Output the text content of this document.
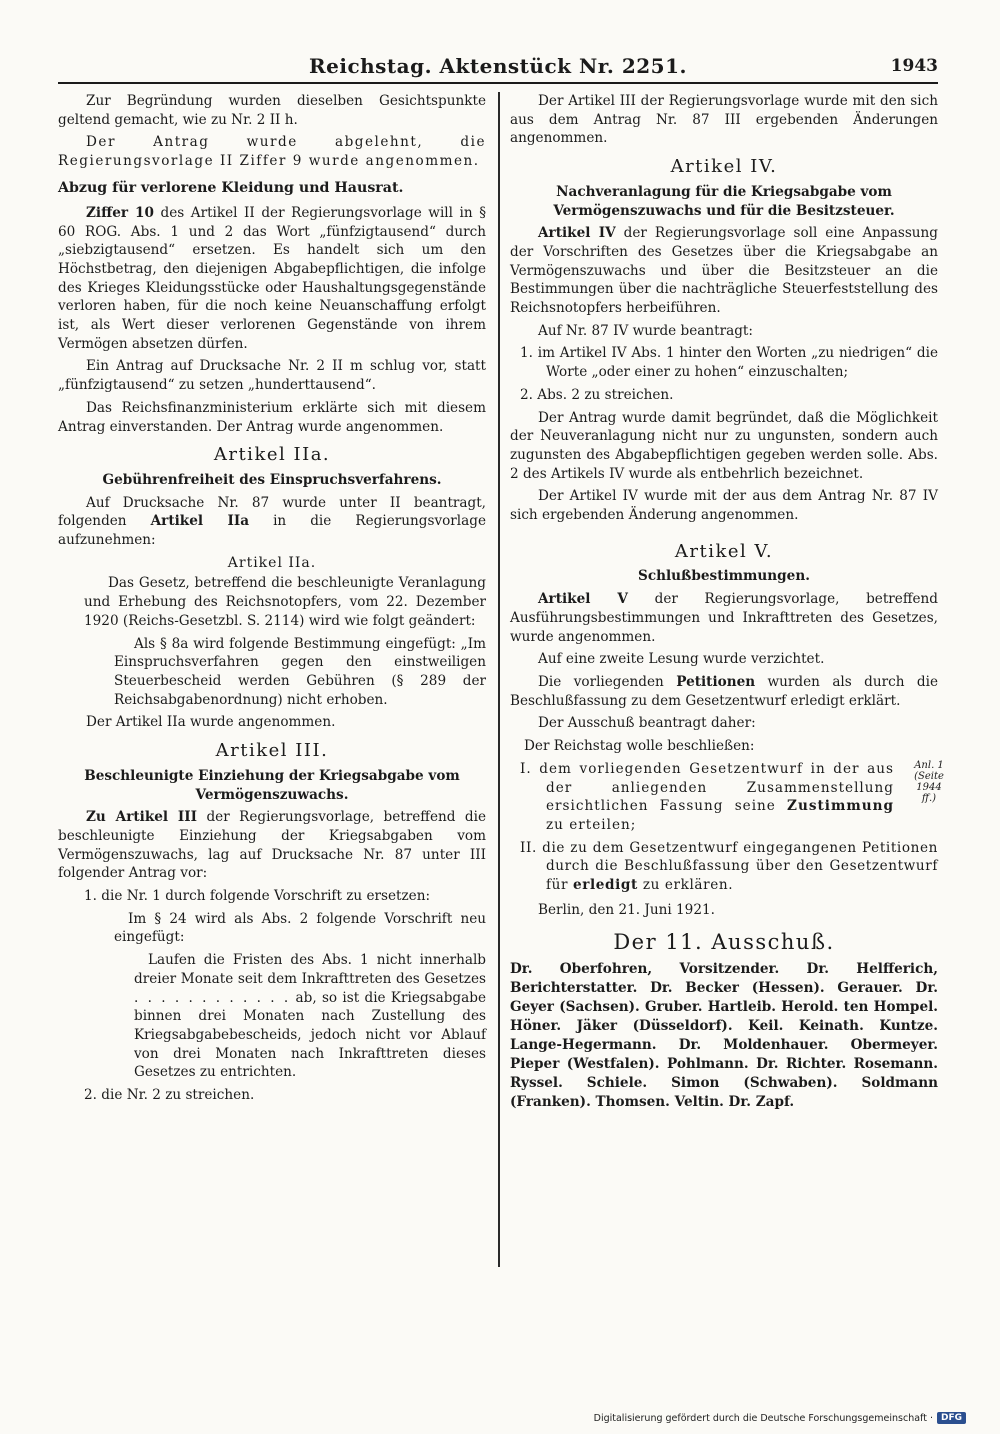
Reichstag. Aktenstück Nr. 2251.	1943

Zur Begründung wurden dieselben Gesichtspunkte geltend gemacht, wie zu Nr. 2 II h.

Der Antrag wurde abgelehnt, die Regierungsvorlage II Ziffer 9 wurde angenommen.

Abzug für verlorene Kleidung und Hausrat.

Ziffer 10 des Artikel II der Regierungsvorlage will in § 60 ROG. Abs. 1 und 2 das Wort „fünfzigtausend“ durch „siebzigtausend“ ersetzen. Es handelt sich um den Höchstbetrag, den diejenigen Abgabepflichtigen, die infolge des Krieges Kleidungsstücke oder Haushaltungsgegenstände verloren haben, für die noch keine Neuanschaffung erfolgt ist, als Wert dieser verlorenen Gegenstände von ihrem Vermögen absetzen dürfen.

Ein Antrag auf Drucksache Nr. 2 II m schlug vor, statt „fünfzigtausend“ zu setzen „hunderttausend“.

Das Reichsfinanzministerium erklärte sich mit diesem Antrag einverstanden. Der Antrag wurde angenommen.

Artikel IIa.

Gebührenfreiheit des Einspruchsverfahrens.

Auf Drucksache Nr. 87 wurde unter II beantragt, folgenden Artikel IIa in die Regierungsvorlage aufzunehmen:

Artikel IIa.

Das Gesetz, betreffend die beschleunigte Veranlagung und Erhebung des Reichsnotopfers, vom 22. Dezember 1920 (Reichs-Gesetzbl. S. 2114) wird wie folgt geändert:

Als § 8a wird folgende Bestimmung eingefügt: „Im Einspruchsverfahren gegen den einstweiligen Steuerbescheid werden Gebühren (§ 289 der Reichsabgabenordnung) nicht erhoben.

Der Artikel IIa wurde angenommen.

Artikel III.

Beschleunigte Einziehung der Kriegsabgabe vom Vermögenszuwachs.

Zu Artikel III der Regierungsvorlage, betreffend die beschleunigte Einziehung der Kriegsabgaben vom Vermögenszuwachs, lag auf Drucksache Nr. 87 unter III folgender Antrag vor:

1. die Nr. 1 durch folgende Vorschrift zu ersetzen:

Im § 24 wird als Abs. 2 folgende Vorschrift neu eingefügt:

Laufen die Fristen des Abs. 1 nicht innerhalb dreier Monate seit dem Inkrafttreten des Gesetzes . . . . . . . . . . . . ab, so ist die Kriegsabgabe binnen drei Monaten nach Zustellung des Kriegsabgabebescheids, jedoch nicht vor Ablauf von drei Monaten nach Inkrafttreten dieses Gesetzes zu entrichten.

2. die Nr. 2 zu streichen.

Der Artikel III der Regierungsvorlage wurde mit den sich aus dem Antrag Nr. 87 III ergebenden Änderungen angenommen.

Artikel IV.

Nachveranlagung für die Kriegsabgabe vom Vermögenszuwachs und für die Besitzsteuer.

Artikel IV der Regierungsvorlage soll eine Anpassung der Vorschriften des Gesetzes über die Kriegsabgabe an Vermögenszuwachs und über die Besitzsteuer an die Bestimmungen über die nachträgliche Steuerfeststellung des Reichsnotopfers herbeiführen.

Auf Nr. 87 IV wurde beantragt:

1. im Artikel IV Abs. 1 hinter den Worten „zu niedrigen“ die Worte „oder einer zu hohen“ einzuschalten;

2. Abs. 2 zu streichen.

Der Antrag wurde damit begründet, daß die Möglichkeit der Neuveranlagung nicht nur zu ungunsten, sondern auch zugunsten des Abgabepflichtigen gegeben werden solle. Abs. 2 des Artikels IV wurde als entbehrlich bezeichnet.

Der Artikel IV wurde mit der aus dem Antrag Nr. 87 IV sich ergebenden Änderung angenommen.

Artikel V.

Schlußbestimmungen.

Artikel V der Regierungsvorlage, betreffend Ausführungsbestimmungen und Inkrafttreten des Gesetzes, wurde angenommen.

Auf eine zweite Lesung wurde verzichtet.

Die vorliegenden Petitionen wurden als durch die Beschlußfassung zu dem Gesetzentwurf erledigt erklärt.

Der Ausschuß beantragt daher:

Der Reichstag wolle beschließen:

I. dem vorliegenden Gesetzentwurf in der aus der anliegenden Zusammenstellung ersichtlichen Fassung seine Zustimmung zu erteilen;

Anl. 1 (Seite 1944 ff.)

II. die zu dem Gesetzentwurf eingegangenen Petitionen durch die Beschlußfassung über den Gesetzentwurf für erledigt zu erklären.

Berlin, den 21. Juni 1921.

Der 11. Ausschuß.

Dr. Oberfohren, Vorsitzender. Dr. Helfferich, Berichterstatter. Dr. Becker (Hessen). Gerauer. Dr. Geyer (Sachsen). Gruber. Hartleib. Herold. ten Hompel. Höner. Jäker (Düsseldorf). Keil. Keinath. Kuntze. Lange-Hegermann. Dr. Moldenhauer. Obermeyer. Pieper (Westfalen). Pohlmann. Dr. Richter. Rosemann. Ryssel. Schiele. Simon (Schwaben). Soldmann (Franken). Thomsen. Veltin. Dr. Zapf.

Digitalisierung gefördert durch die Deutsche Forschungsgemeinschaft · DFG
